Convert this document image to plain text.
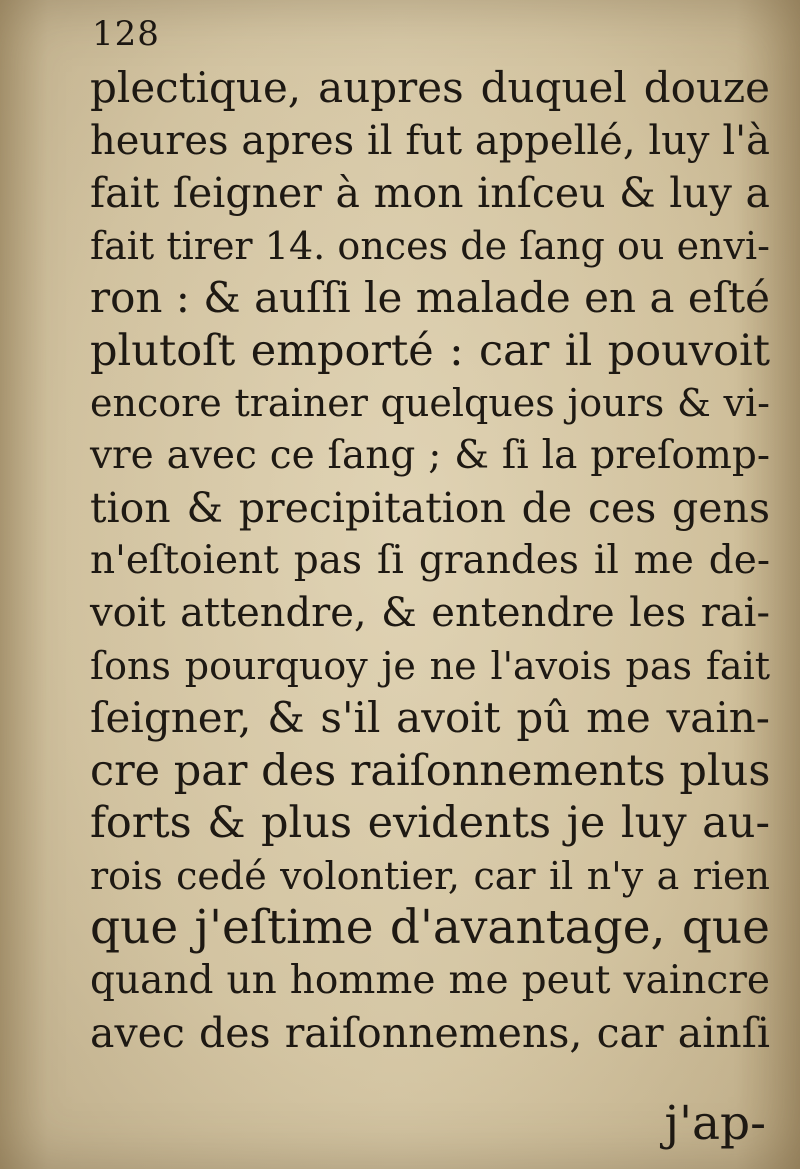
128
plectique, aupres duquel douze
heures apres il fut appellé, luy l'à
fait ſeigner à mon inſceu & luy a
fait tirer 14. onces de ſang ou envi-
ron : & auſſi le malade en a eſté
plutoſt emporté : car il pouvoit
encore trainer quelques jours & vi-
vre avec ce ſang ; & ſi la preſomp-
tion & precipitation de ces gens
n'eſtoient pas ſi grandes il me de-
voit attendre, & entendre les rai-
ſons pourquoy je ne l'avois pas fait
ſeigner, & s'il avoit pû me vain-
cre par des raiſonnements plus
forts & plus evidents je luy au-
rois cedé volontier, car il n'y a rien
que j'eſtime d'avantage, que
quand un homme me peut vaincre
avec des raiſonnemens, car ainſi
j'ap-
